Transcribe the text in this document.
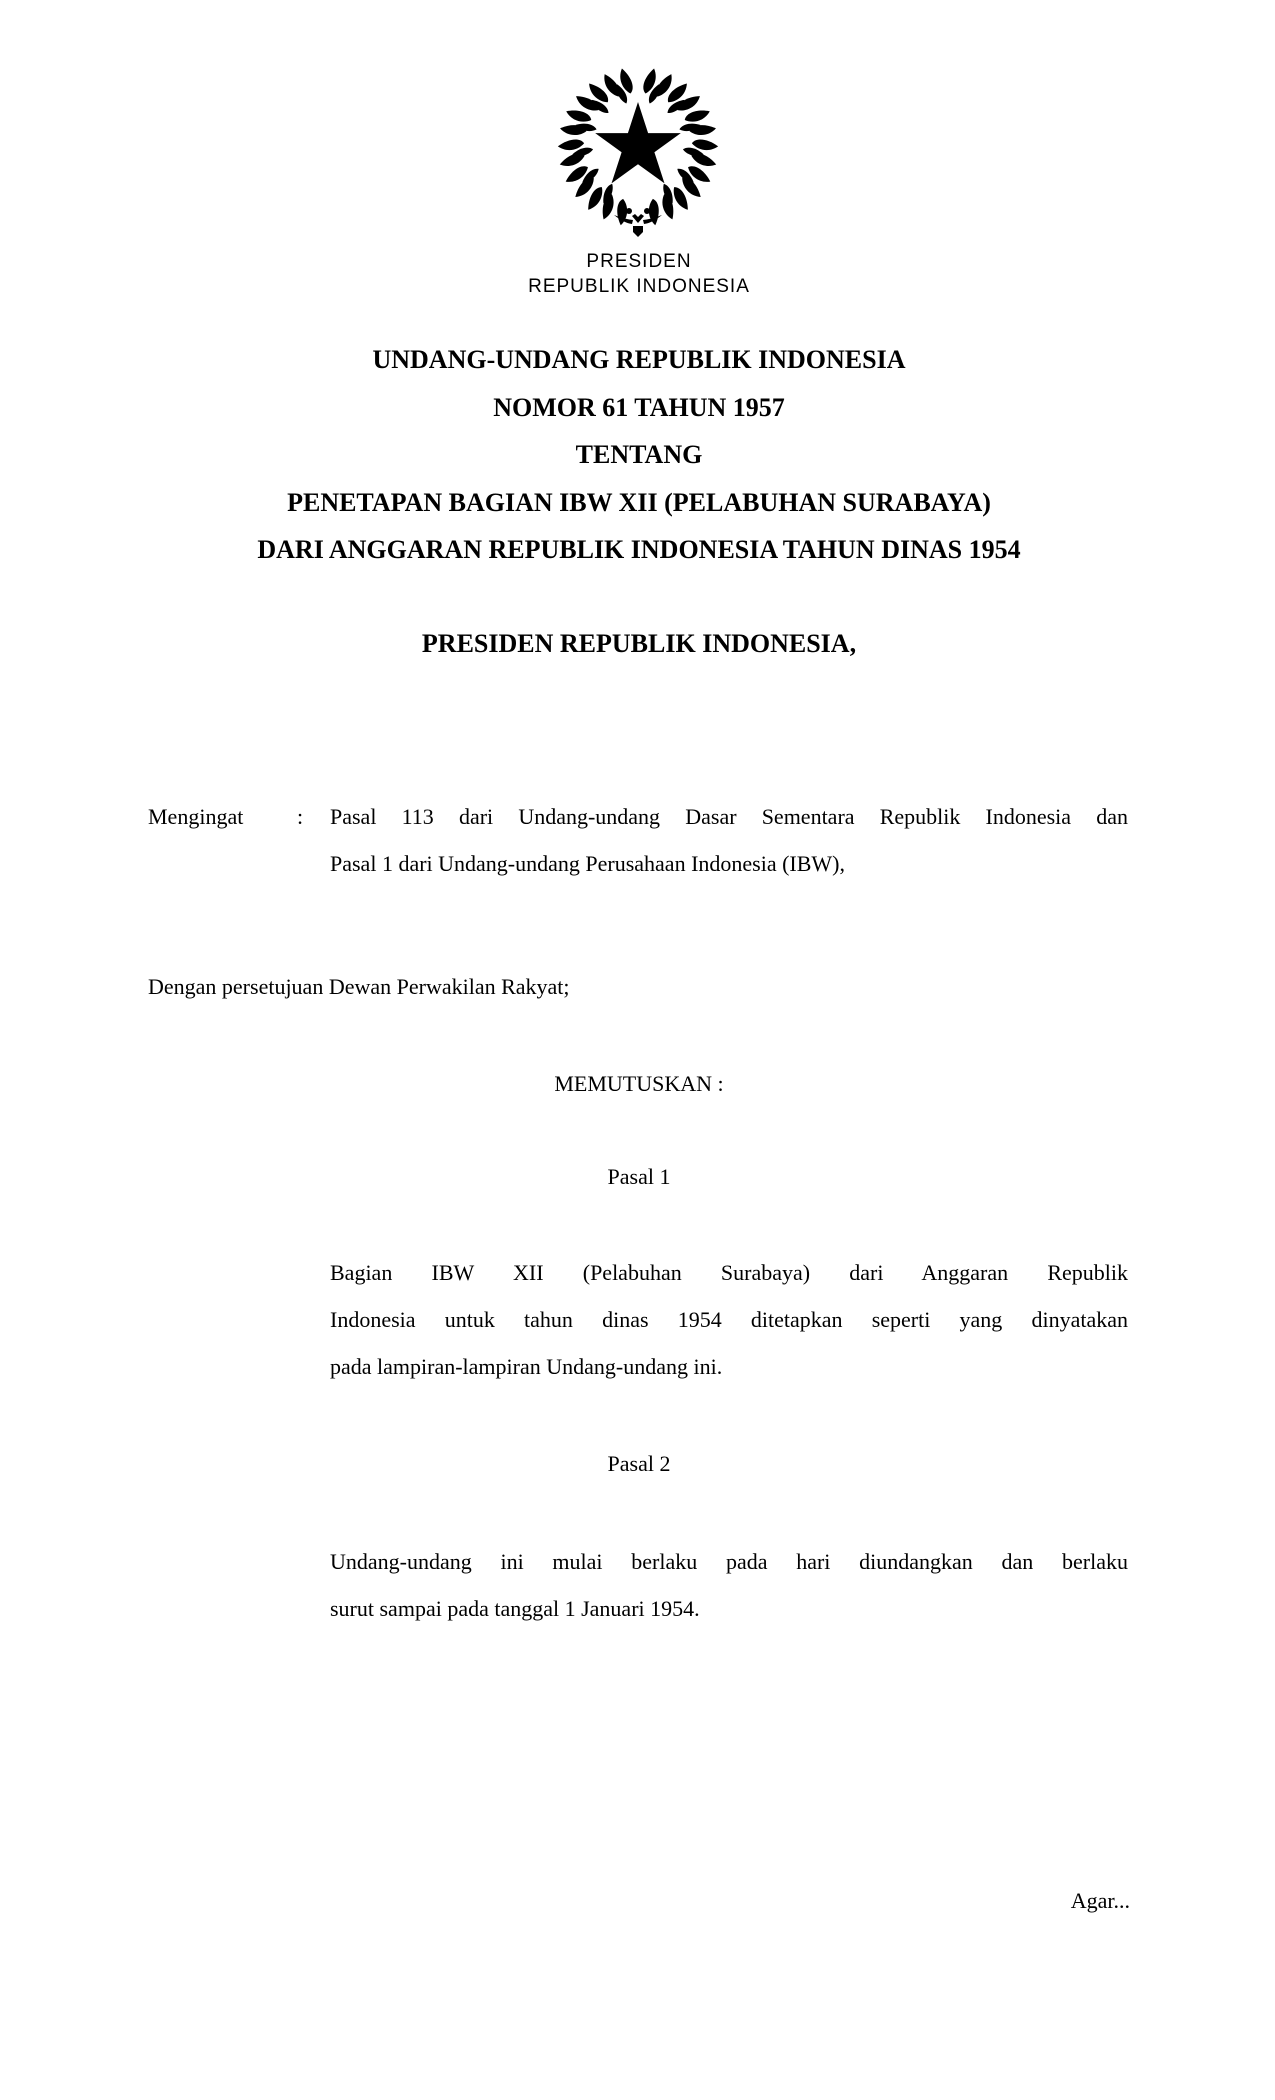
PRESIDEN
REPUBLIK INDONESIA
UNDANG-UNDANG REPUBLIK INDONESIA
NOMOR 61 TAHUN 1957
TENTANG
PENETAPAN BAGIAN IBW XII (PELABUHAN SURABAYA)
DARI ANGGARAN REPUBLIK INDONESIA TAHUN DINAS 1954
PRESIDEN REPUBLIK INDONESIA,
Mengingat : Pasal 113 dari Undang-undang Dasar Sementara Republik Indonesia dan
Pasal 1 dari Undang-undang Perusahaan Indonesia (IBW),
Dengan persetujuan Dewan Perwakilan Rakyat;
MEMUTUSKAN :
Pasal 1
Bagian IBW XII (Pelabuhan Surabaya) dari Anggaran Republik
Indonesia untuk tahun dinas 1954 ditetapkan seperti yang dinyatakan
pada lampiran-lampiran Undang-undang ini.
Pasal 2
Undang-undang ini mulai berlaku pada hari diundangkan dan berlaku
surut sampai pada tanggal 1 Januari 1954.
Agar...
